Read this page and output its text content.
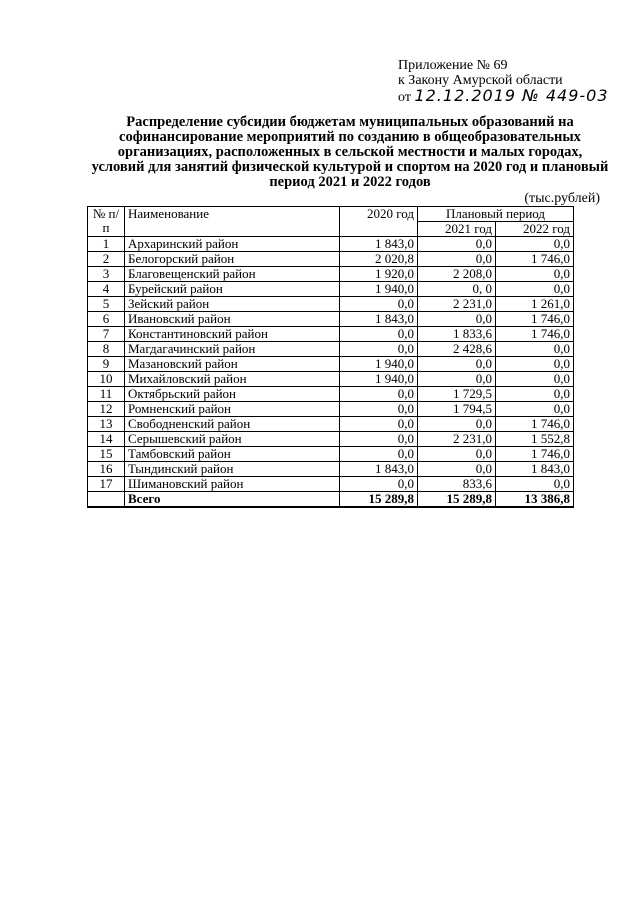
Приложение № 69
к Закону Амурской области
от 12.12.2019 № 449-03
Распределение субсидии бюджетам муниципальных образований на софинансирование мероприятий по созданию в общеобразовательных организациях, расположенных в сельской местности и малых городах, условий для занятий физической культурой и спортом на 2020 год и плановый период 2021 и 2022 годов
(тыс.рублей)
№ п/п	Наименование	2020 год	Плановый период	
			2021 год	2022 год
1	Архаринский район	1 843,0	0,0	0,0
2	Белогорский район	2 020,8	0,0	1 746,0
3	Благовещенский район	1 920,0	2 208,0	0,0
4	Бурейский район	1 940,0	0, 0	0,0
5	Зейский район	0,0	2 231,0	1 261,0
6	Ивановский район	1 843,0	0,0	1 746,0
7	Константиновский район	0,0	1 833,6	1 746,0
8	Магдагачинский район	0,0	2 428,6	0,0
9	Мазановский район	1 940,0	0,0	0,0
10	Михайловский район	1 940,0	0,0	0,0
11	Октябрьский район	0,0	1 729,5	0,0
12	Ромненский район	0,0	1 794,5	0,0
13	Свободненский район	0,0	0,0	1 746,0
14	Серышевский район	0,0	2 231,0	1 552,8
15	Тамбовский район	0,0	0,0	1 746,0
16	Тындинский район	1 843,0	0,0	1 843,0
17	Шимановский район	0,0	833,6	0,0
	Всего	15 289,8	15 289,8	13 386,8
